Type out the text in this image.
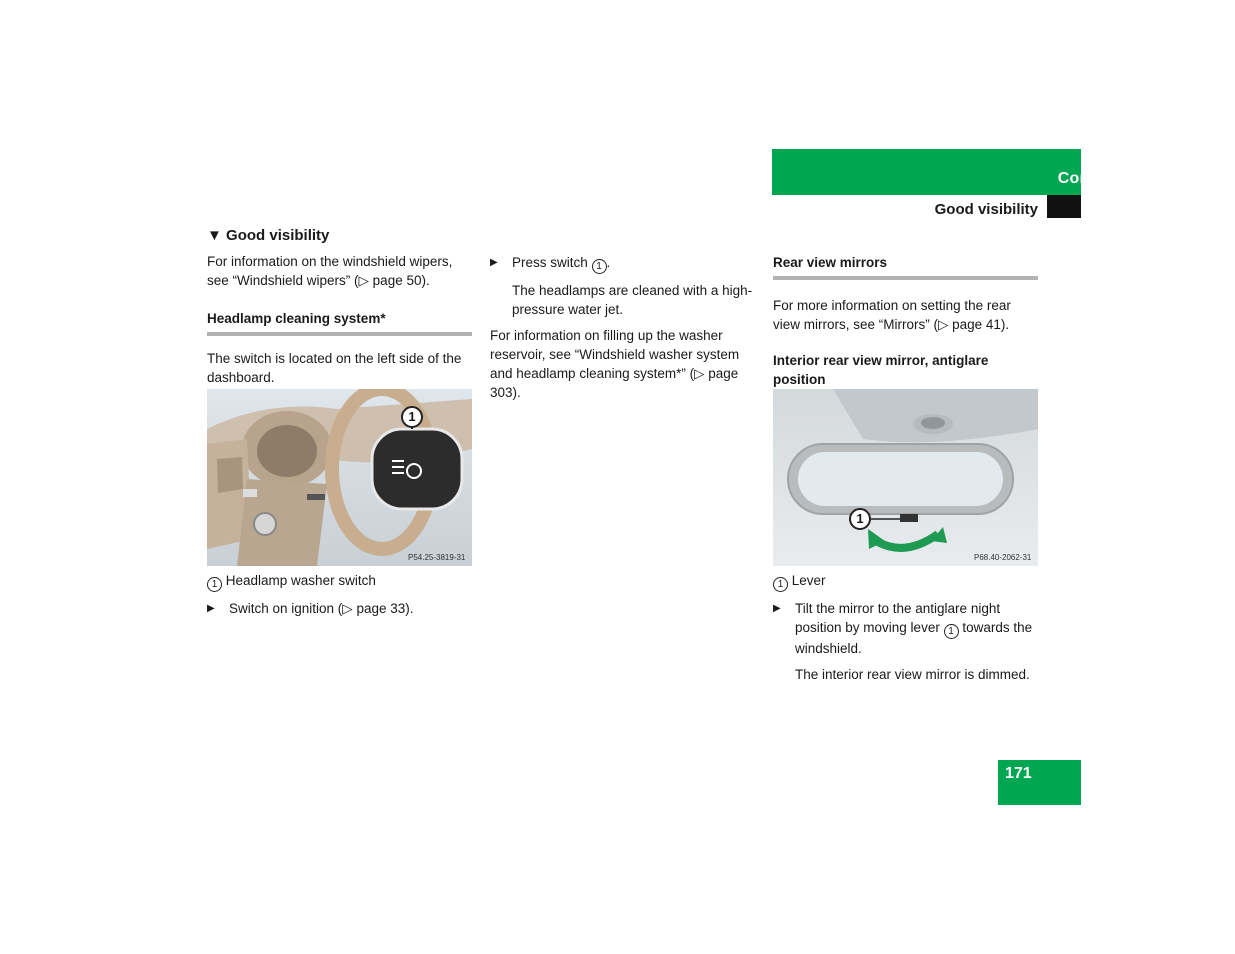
Controls in detail
Good visibility
▼ Good visibility

For information on the windshield wipers, see “Windshield wipers” (▷ page 50).

Headlamp cleaning system*

The switch is located on the left side of the dashboard.

P54.25-3819-31
1

1 Headlamp washer switch

▶ Switch on ignition (▷ page 33).
▶ Press switch 1 .

The headlamps are cleaned with a high-pressure water jet.

For information on filling up the washer reservoir, see “Windshield washer system and headlamp cleaning system*” (▷ page 303).

Rear view mirrors

For more information on setting the rear view mirrors, see “Mirrors” (▷ page 41).

Interior rear view mirror, antiglare position
P68.40-2062-31
1

1 Lever

▶ Tilt the mirror to the antiglare night position by moving lever 1 towards the windshield.

The interior rear view mirror is dimmed.

171
